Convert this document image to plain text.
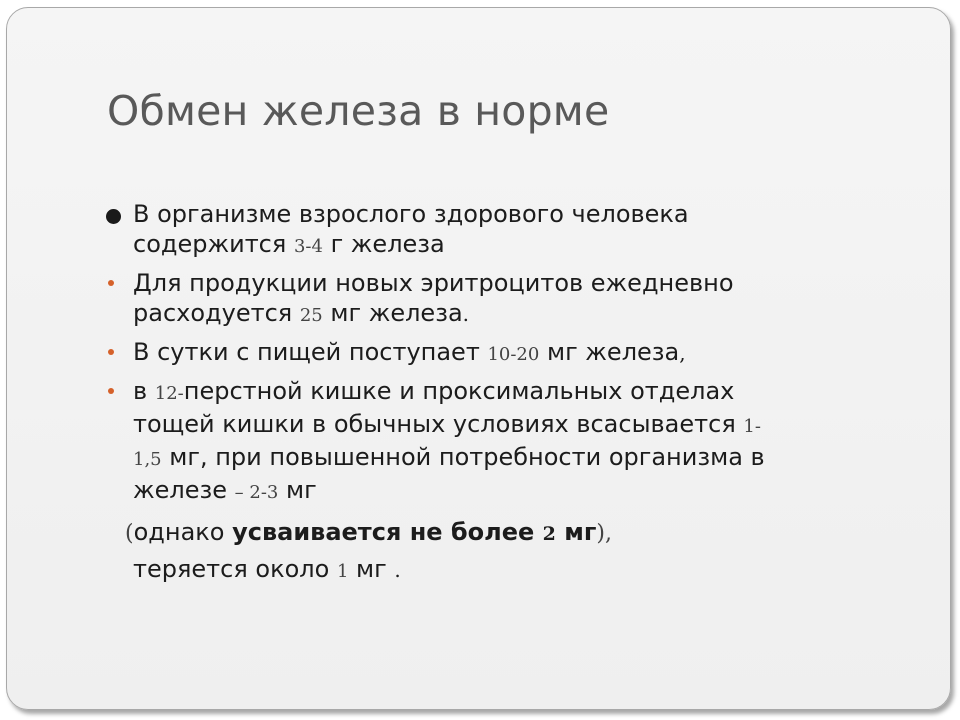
Обмен железа в норме
В организме взрослого здорового человека
содержится 3-4 г железа
Для продукции новых эритроцитов ежедневно
расходуется 25 мг железа.
В сутки с пищей поступает 10-20 мг железа,
в 12-перстной кишке и проксимальных отделах
тощей кишки в обычных условиях всасывается 1-
1,5 мг, при повышенной потребности организма в
железе – 2-3 мг
(однако усваивается не более 2 мг),
теряется около 1 мг .
